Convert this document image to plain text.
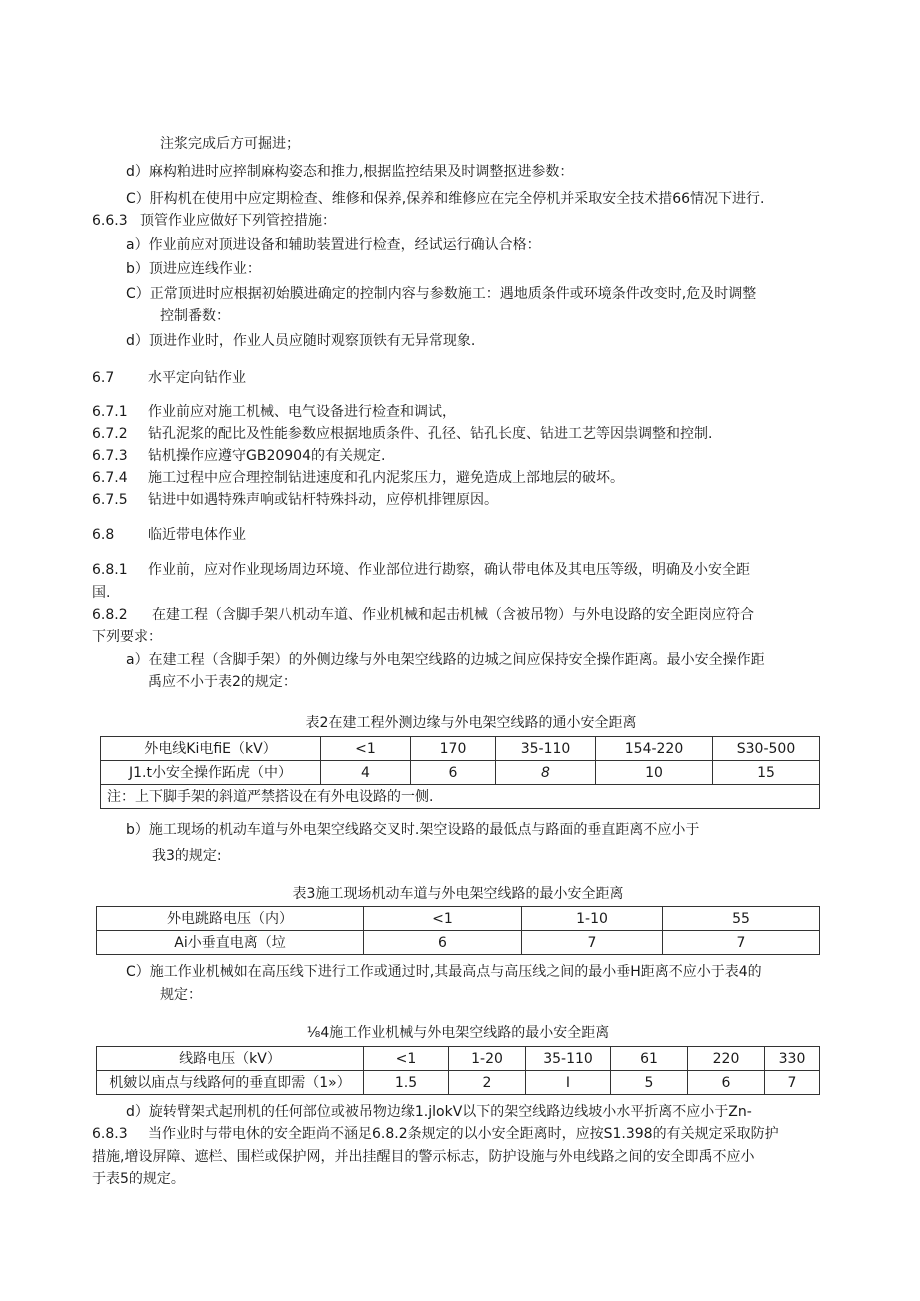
注浆完成后方可掘进；
d）麻构粕进时应捽制麻构姿态和推力,根据监控结果及时调整抠进参数：
C）肝构机在使用中应定期检查、维修和保养,保养和维修应在完全停机并采取安全技术措66情况下进行.
6.6.3 顶管作业应做好下列管控措施：
a）作业前应对顶进设备和辅助装置进行检查，经试运行确认合格：
b）顶进应连线作业：
C）正常顶进时应根据初始膜进确定的控制内容与参数施工：遇地质条件或环境条件改变时,危及时调整
控制番数：
d）顶进作业时，作业人员应随时观察顶铁有无异常现象.
6.7 水平定向钻作业
6.7.1 作业前应对施工机械、电气设备进行检查和调试，
6.7.2 钻孔泥浆的配比及性能参数应根据地质条件、孔径、钻孔长度、钻进工艺等因祟调整和控制.
6.7.3 钻机操作应遵守GB20904的有关规定.
6.7.4 施工过程中应合理控制钻进速度和孔内泥浆压力，避免造成上部地层的破坏。
6.7.5 钻进中如遇特殊声响或钻杆特殊抖动，应停机排锂原因。
6.8 临近带电体作业
6.8.1 作业前，应对作业现场周边环境、作业部位进行勘察，确认带电体及其电压等级，明确及小安全距
国.
6.8.2 在建工程（含脚手架八机动车道、作业机械和起击机械（含被吊物）与外电设路的安全距岗应符合
下列要求：
a）在建工程（含脚手架）的外侧边缘与外电架空线路的边城之间应保持安全操作距离。最小安全操作距
禹应不小于表2的规定：
表2在建工程外测边缘与外电架空线路的通小安全距离
外电线Ki电fiE（kV）	<1	170	35-110	154-220	S30-500
J1.t小安全操作跖虎（中）	4	6	8	10	15
注：上下脚手架的斜道严禁搭设在有外电设路的一侧.					
b）施工现场的机动车道与外电架空线路交叉时.架空设路的最低点与路面的垂直距离不应小于
我3的规定:
表3施工现场机动车道与外电架空线路的最小安全距离
外电跳路电压（内）	<1	1-10	55
Ai小垂直电离（垃	6	7	7
C）施工作业机械如在高压线下进行工作或通过时,其最高点与高压线之间的最小垂H距离不应小于表4的
规定：
⅛4施工作业机械与外电架空线路的最小安全距离
线路电压（kV）	<1	1-20	35-110	61	220	330
机皴以庙点与线路何的垂直即需（1»）	1.5	2	I	5	6	7
d）旋转臂架式起刑机的任何部位或被吊物边缘1.jlokV以下的架空线路边线坡小水平折离不应小于Zn-
6.8.3 当作业时与带电休的安全距尚不涵足6.8.2条规定的以小安全距离时，应按S1.398的有关规定采取防护
措施,增设屏障、遮栏、围栏或保护网，并出挂醒目的警示标志，防护设施与外电线路之间的安全即禹不应小
于表5的规定。
